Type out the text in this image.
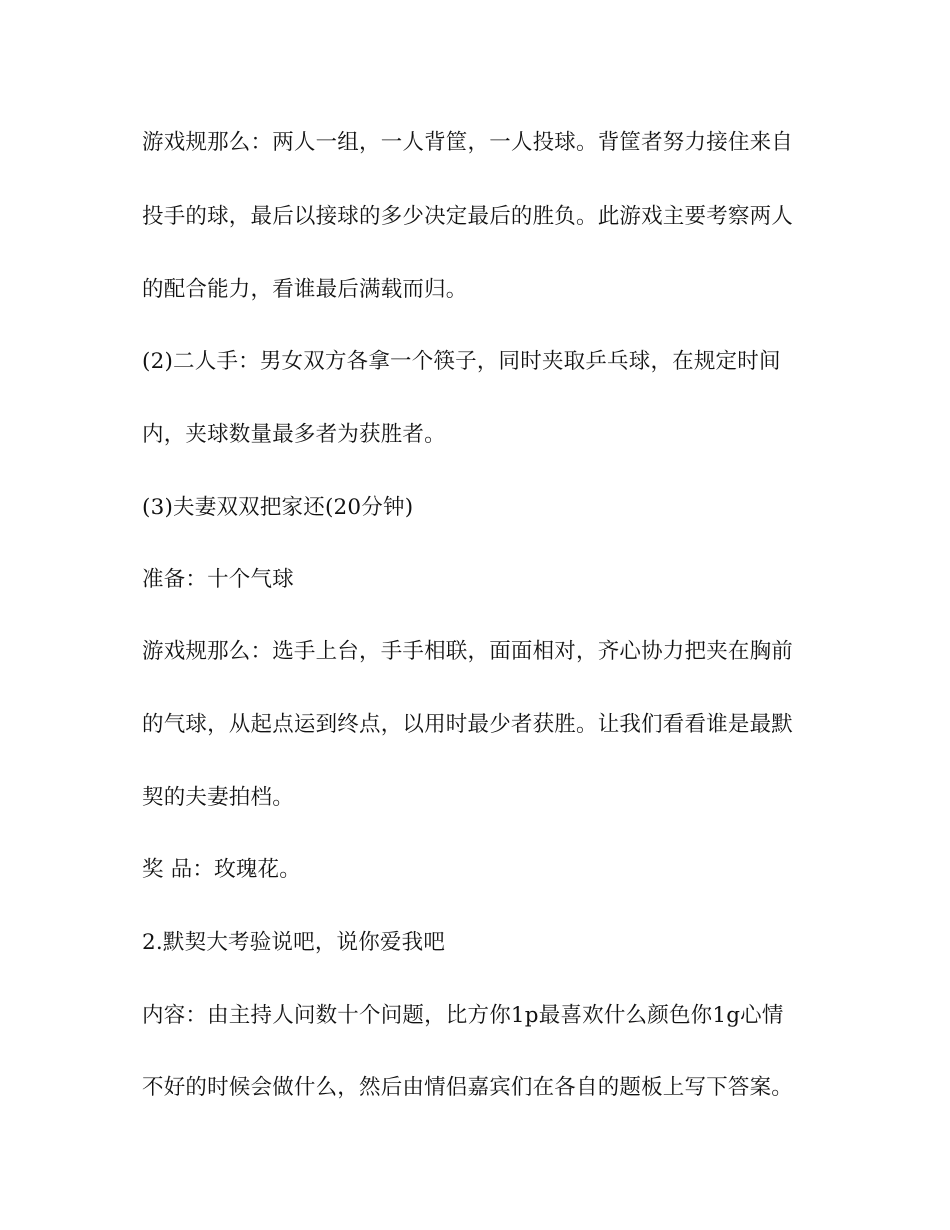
游戏规那么：两人一组，一人背筐，一人投球。背筐者努力接住来自
投手的球，最后以接球的多少决定最后的胜负。此游戏主要考察两人
的配合能力，看谁最后满载而归。
(2)二人手：男女双方各拿一个筷子，同时夹取乒乓球，在规定时间
内，夹球数量最多者为获胜者。
(3)夫妻双双把家还(20分钟)
准备：十个气球
游戏规那么：选手上台，手手相联，面面相对，齐心协力把夹在胸前
的气球，从起点运到终点，以用时最少者获胜。让我们看看谁是最默
契的夫妻拍档。
奖 品：玫瑰花。
2.默契大考验说吧，说你爱我吧
内容：由主持人问数十个问题，比方你1p最喜欢什么颜色你1g心情
不好的时候会做什么，然后由情侣嘉宾们在各自的题板上写下答案。
